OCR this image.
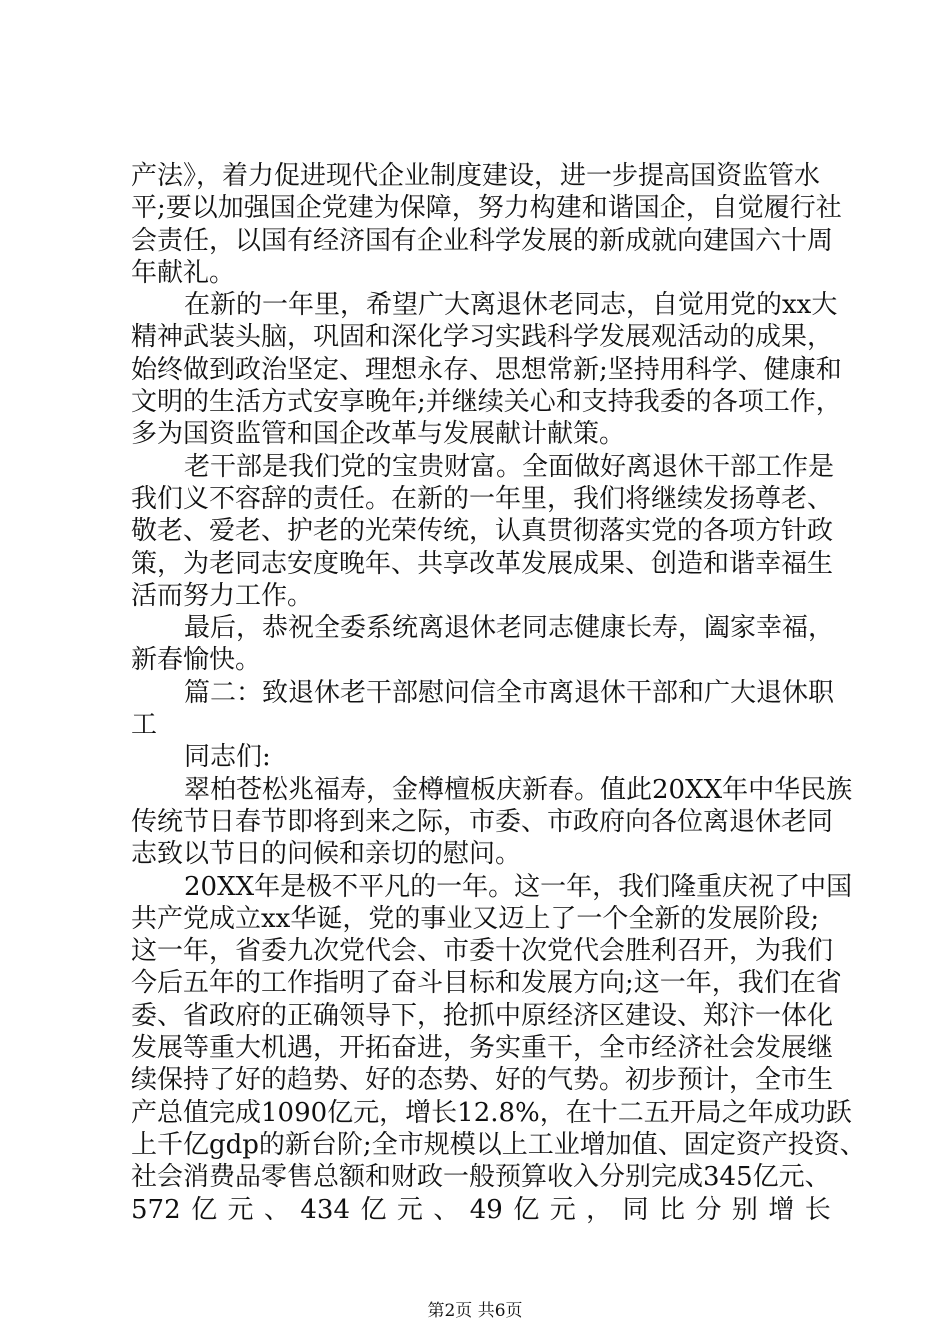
产法》，着力促进现代企业制度建设，进一步提高国资监管水

平;要以加强国企党建为保障，努力构建和谐国企，自觉履行社

会责任，以国有经济国有企业科学发展的新成就向建国六十周

年献礼。

在新的一年里，希望广大离退休老同志，自觉用党的xx大

精神武装头脑，巩固和深化学习实践科学发展观活动的成果，

始终做到政治坚定、理想永存、思想常新;坚持用科学、健康和

文明的生活方式安享晚年;并继续关心和支持我委的各项工作，

多为国资监管和国企改革与发展献计献策。

老干部是我们党的宝贵财富。全面做好离退休干部工作是

我们义不容辞的责任。在新的一年里，我们将继续发扬尊老、

敬老、爱老、护老的光荣传统，认真贯彻落实党的各项方针政

策，为老同志安度晚年、共享改革发展成果、创造和谐幸福生

活而努力工作。

最后，恭祝全委系统离退休老同志健康长寿，阖家幸福，

新春愉快。

篇二：致退休老干部慰问信全市离退休干部和广大退休职

工

同志们:

翠柏苍松兆福寿，金樽檀板庆新春。值此20XX年中华民族

传统节日春节即将到来之际，市委、市政府向各位离退休老同

志致以节日的问候和亲切的慰问。

20XX年是极不平凡的一年。这一年，我们隆重庆祝了中国

共产党成立xx华诞，党的事业又迈上了一个全新的发展阶段;

这一年，省委九次党代会、市委十次党代会胜利召开，为我们

今后五年的工作指明了奋斗目标和发展方向;这一年，我们在省

委、省政府的正确领导下，抢抓中原经济区建设、郑汴一体化

发展等重大机遇，开拓奋进，务实重干，全市经济社会发展继

续保持了好的趋势、好的态势、好的气势。初步预计，全市生

产总值完成1090亿元，增长12.8%，在十二五开局之年成功跃

上千亿gdp的新台阶;全市规模以上工业增加值、固定资产投资、

社会消费品零售总额和财政一般预算收入分别完成345亿元、

572 亿 元 、 434 亿 元 、 49 亿 元 ， 同 比 分 别 增 长

第2页 共6页
